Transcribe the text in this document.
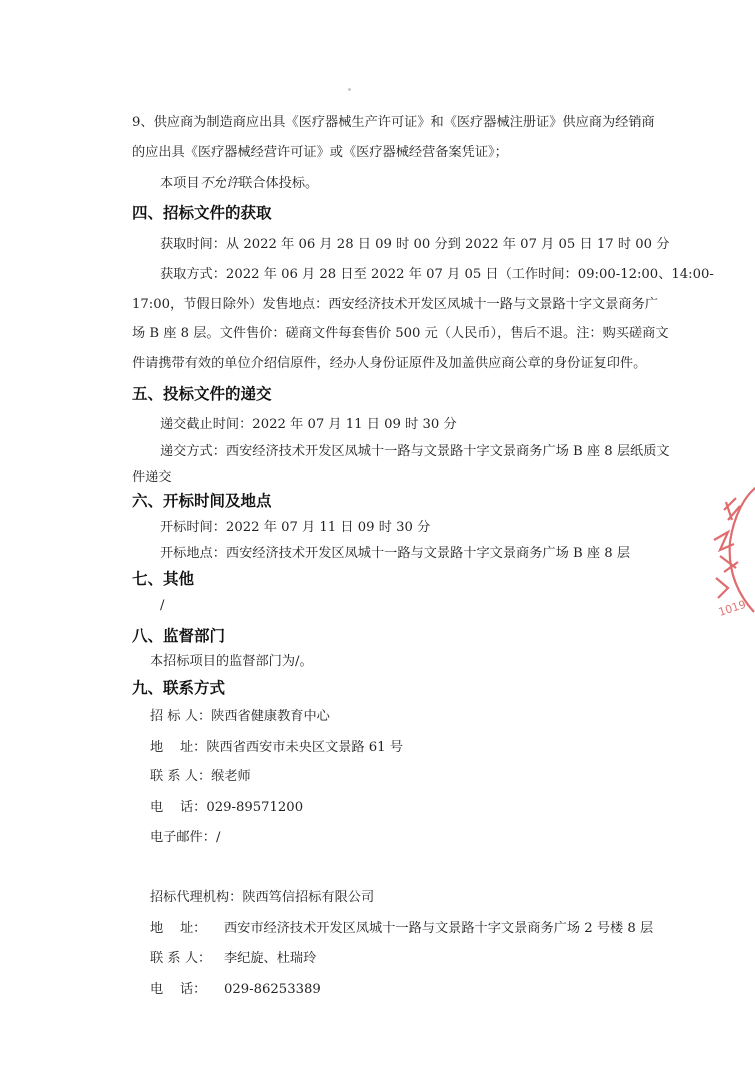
9、供应商为制造商应出具《医疗器械生产许可证》和《医疗器械注册证》供应商为经销商
的应出具《医疗器械经营许可证》或《医疗器械经营备案凭证》；
本项目不允许联合体投标。
四、招标文件的获取
获取时间：从 2022 年 06 月 28 日 09 时 00 分到 2022 年 07 月 05 日 17 时 00 分
获取方式：2022 年 06 月 28 日至 2022 年 07 月 05 日（工作时间：09:00-12:00、14:00-
17:00，节假日除外）发售地点：西安经济技术开发区凤城十一路与文景路十字文景商务广
场 B 座 8 层。文件售价：磋商文件每套售价 500 元（人民币），售后不退。注：购买磋商文
件请携带有效的单位介绍信原件，经办人身份证原件及加盖供应商公章的身份证复印件。
五、投标文件的递交
递交截止时间：2022 年 07 月 11 日 09 时 30 分
递交方式：西安经济技术开发区凤城十一路与文景路十字文景商务广场 B 座 8 层纸质文
件递交
六、开标时间及地点
开标时间：2022 年 07 月 11 日 09 时 30 分
开标地点：西安经济技术开发区凤城十一路与文景路十字文景商务广场 B 座 8 层
七、其他
/
八、监督部门
本招标项目的监督部门为/。
九、联系方式
招 标 人：陕西省健康教育中心
地    址：陕西省西安市未央区文景路 61 号
联 系 人：缑老师
电    话：029-89571200
电子邮件：/
招标代理机构：陕西笃信招标有限公司
地    址： 西安市经济技术开发区凤城十一路与文景路十字文景商务广场 2 号楼 8 层
联 系 人： 李纪旋、杜瑞玲
电    话： 029-86253389
1019
